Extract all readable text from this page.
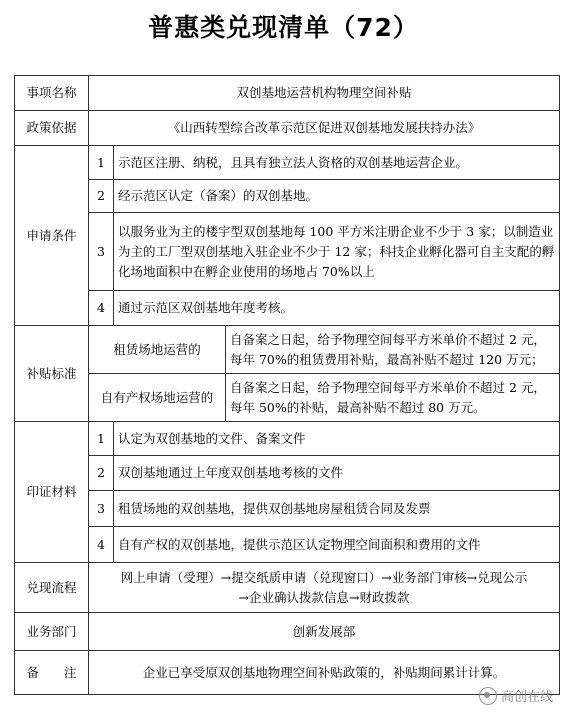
普惠类兑现清单（72）
事项名称	双创基地运营机构物理空间补贴		
政策依据	《山西转型综合改革示范区促进双创基地发展扶持办法》		
申请条件	1	示范区注册、纳税，且具有独立法人资格的双创基地运营企业。	
	2	经示范区认定（备案）的双创基地。	
	3	以服务业为主的楼宇型双创基地每 100 平方米注册企业不少于 3 家；以制造业为主的工厂型双创基地入驻企业不少于 12 家；科技企业孵化器可自主支配的孵化场地面积中在孵企业使用的场地占 70%以上	
	4	通过示范区双创基地年度考核。	
补贴标准	租赁场地运营的		自备案之日起，给予物理空间每平方米单价不超过 2 元，每年 70%的租赁费用补贴，最高补贴不超过 120 万元；
	自有产权场地运营的		自备案之日起，给予物理空间每平方米单价不超过 2 元，每年 50%的补贴，最高补贴不超过 80 万元。
印证材料	1	认定为双创基地的文件、备案文件	
	2	双创基地通过上年度双创基地考核的文件	
	3	租赁场地的双创基地，提供双创基地房屋租赁合同及发票	
	4	自有产权的双创基地，提供示范区认定物理空间面积和费用的文件	
兑现流程	网上申请（受理）→提交纸质申请（兑现窗口）→业务部门审核→兑现公示
→企业确认拨款信息→财政拨款		

业务部门	创新发展部		
备　　注	企业已享受原双创基地物理空间补贴政策的，补贴期间累计计算。		
高创在线
